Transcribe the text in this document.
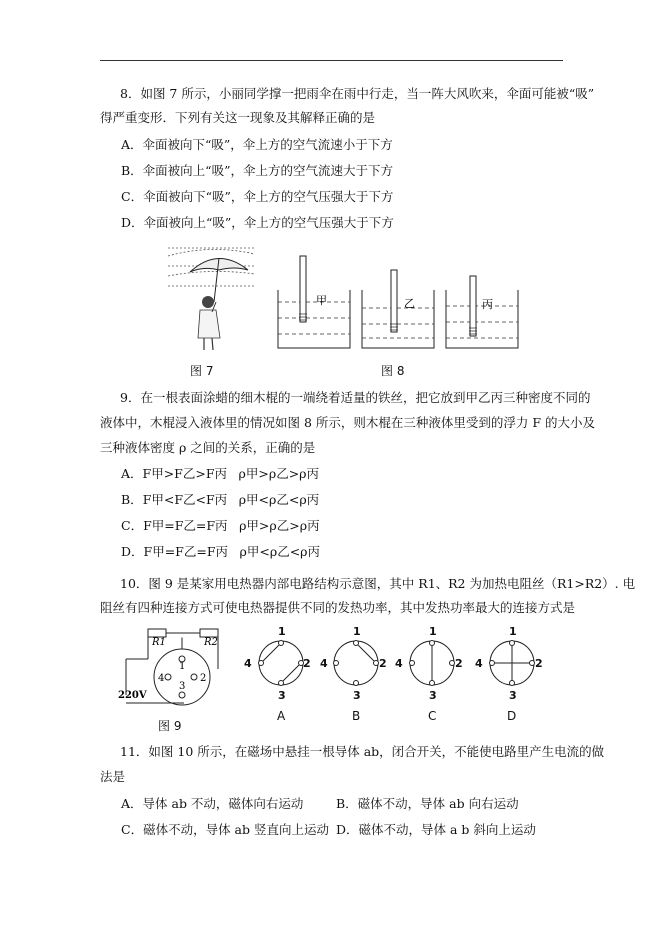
8．如图 7 所示，小丽同学撑一把雨伞在雨中行走，当一阵大风吹来，伞面可能被“吸”
得严重变形．下列有关这一现象及其解释正确的是
A．伞面被向下“吸”，伞上方的空气流速小于下方
B．伞面被向上“吸”，伞上方的空气流速大于下方
C．伞面被向下“吸”，伞上方的空气压强大于下方
D．伞面被向上“吸”，伞上方的空气压强大于下方
图 7
甲	乙	丙
图 8
9．在一根表面涂蜡的细木棍的一端绕着适量的铁丝，把它放到甲乙丙三种密度不同的
液体中，木棍浸入液体里的情况如图 8 所示，则木棍在三种液体里受到的浮力 F 的大小及
三种液体密度 ρ 之间的关系，正确的是
A．F甲>F乙>F丙 ρ甲>ρ乙>ρ丙
B．F甲<F乙<F丙 ρ甲<ρ乙<ρ丙
C．F甲=F乙=F丙 ρ甲>ρ乙>ρ丙
D．F甲=F乙=F丙 ρ甲<ρ乙<ρ丙
10．图 9 是某家用电热器内部电路结构示意图，其中 R1、R2 为加热电阻丝（R1>R2）. 电
阻丝有四种连接方式可使电热器提供不同的发热功率，其中发热功率最大的连接方式是
R1	R2
1
2
3
4
220V
图 9
1
2
3
4
1
2
3
4
1
2
3
4
1
2
3
4
A	B	C	D
11．如图 10 所示，在磁场中悬挂一根导体 ab，闭合开关，不能使电路里产生电流的做
法是
A．导体 ab 不动，磁体向右运动	B．磁体不动，导体 ab 向右运动
C．磁体不动，导体 ab 竖直向上运动 D．磁体不动，导体 a b 斜向上运动
